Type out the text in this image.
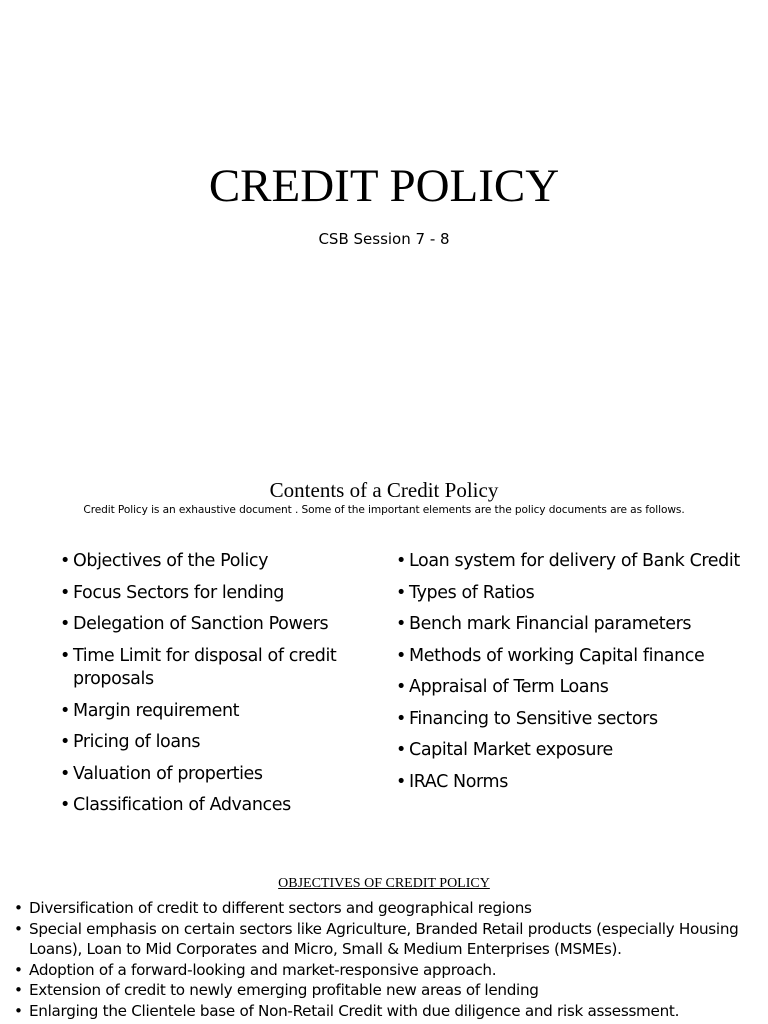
CREDIT POLICY
CSB Session 7 - 8
Contents of a Credit Policy
Credit Policy is an exhaustive document . Some of the important elements are the policy documents are as follows.
• Objectives of the Policy
• Focus Sectors for lending
• Delegation of Sanction Powers
• Time Limit for disposal of credit proposals
• Margin requirement
• Pricing of loans
• Valuation of properties
• Classification of Advances
• Loan system for delivery of Bank Credit
• Types of Ratios
• Bench mark Financial parameters
• Methods of working Capital finance
• Appraisal of Term Loans
• Financing to Sensitive sectors
• Capital Market exposure
• IRAC Norms
OBJECTIVES OF CREDIT POLICY
• Diversification of credit to different sectors and geographical regions
• Special emphasis on certain sectors like Agriculture, Branded Retail products (especially Housing Loans), Loan to Mid Corporates and Micro, Small & Medium Enterprises (MSMEs).
• Adoption of a forward-looking and market-responsive approach.
• Extension of credit to newly emerging profitable new areas of lending
• Enlarging the Clientele base of Non-Retail Credit with due diligence and risk assessment.
